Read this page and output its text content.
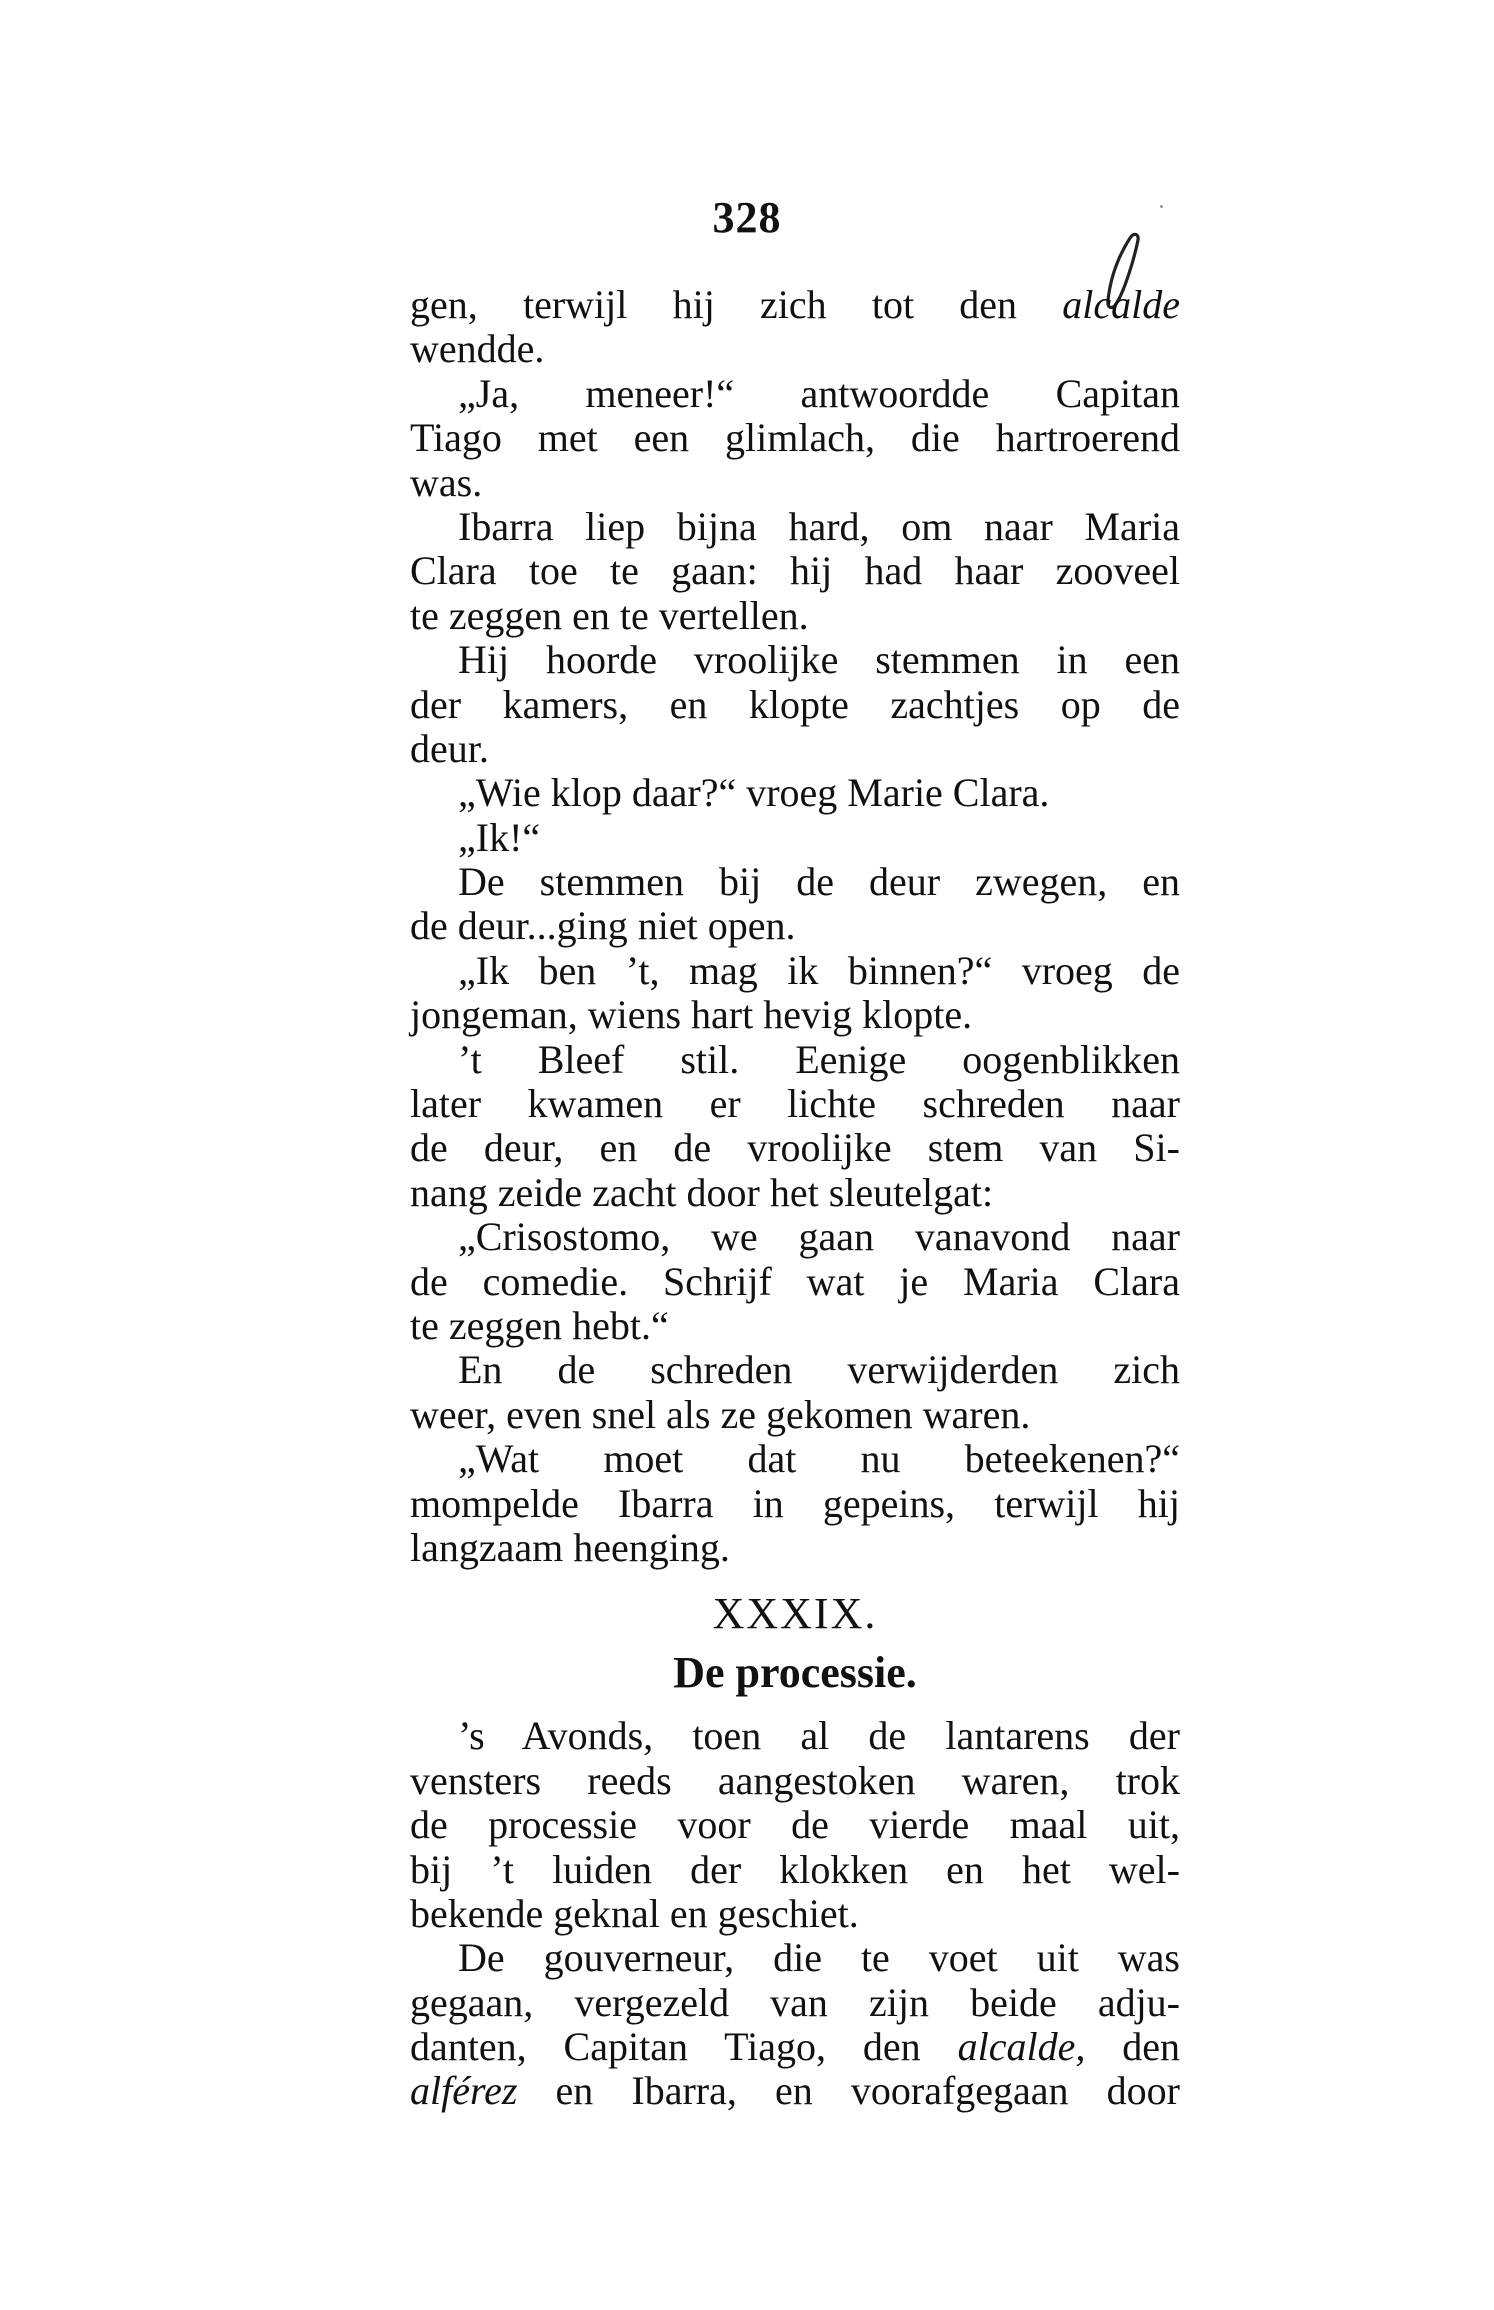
328
gen, terwijl hij zich tot den alcalde
wendde.
„Ja, meneer!“ antwoordde Capitan
Tiago met een glimlach, die hartroerend
was.
Ibarra liep bijna hard, om naar Maria
Clara toe te gaan: hij had haar zooveel
te zeggen en te vertellen.
Hij hoorde vroolijke stemmen in een
der kamers, en klopte zachtjes op de
deur.
„Wie klop daar?“ vroeg Marie Clara.
„Ik!“
De stemmen bij de deur zwegen, en
de deur...ging niet open.
„Ik ben ’t, mag ik binnen?“ vroeg de
jongeman, wiens hart hevig klopte.
’t Bleef stil. Eenige oogenblikken
later kwamen er lichte schreden naar
de deur, en de vroolijke stem van Si-
nang zeide zacht door het sleutelgat:
„Crisostomo, we gaan vanavond naar
de comedie. Schrijf wat je Maria Clara
te zeggen hebt.“
En de schreden verwijderden zich
weer, even snel als ze gekomen waren.
„Wat moet dat nu beteekenen?“
mompelde Ibarra in gepeins, terwijl hij
langzaam heenging.
XXXIX.
De processie.
’s Avonds, toen al de lantarens der
vensters reeds aangestoken waren, trok
de processie voor de vierde maal uit,
bij ’t luiden der klokken en het wel-
bekende geknal en geschiet.
De gouverneur, die te voet uit was
gegaan, vergezeld van zijn beide adju-
danten, Capitan Tiago, den alcalde, den
alférez en Ibarra, en voorafgegaan door
